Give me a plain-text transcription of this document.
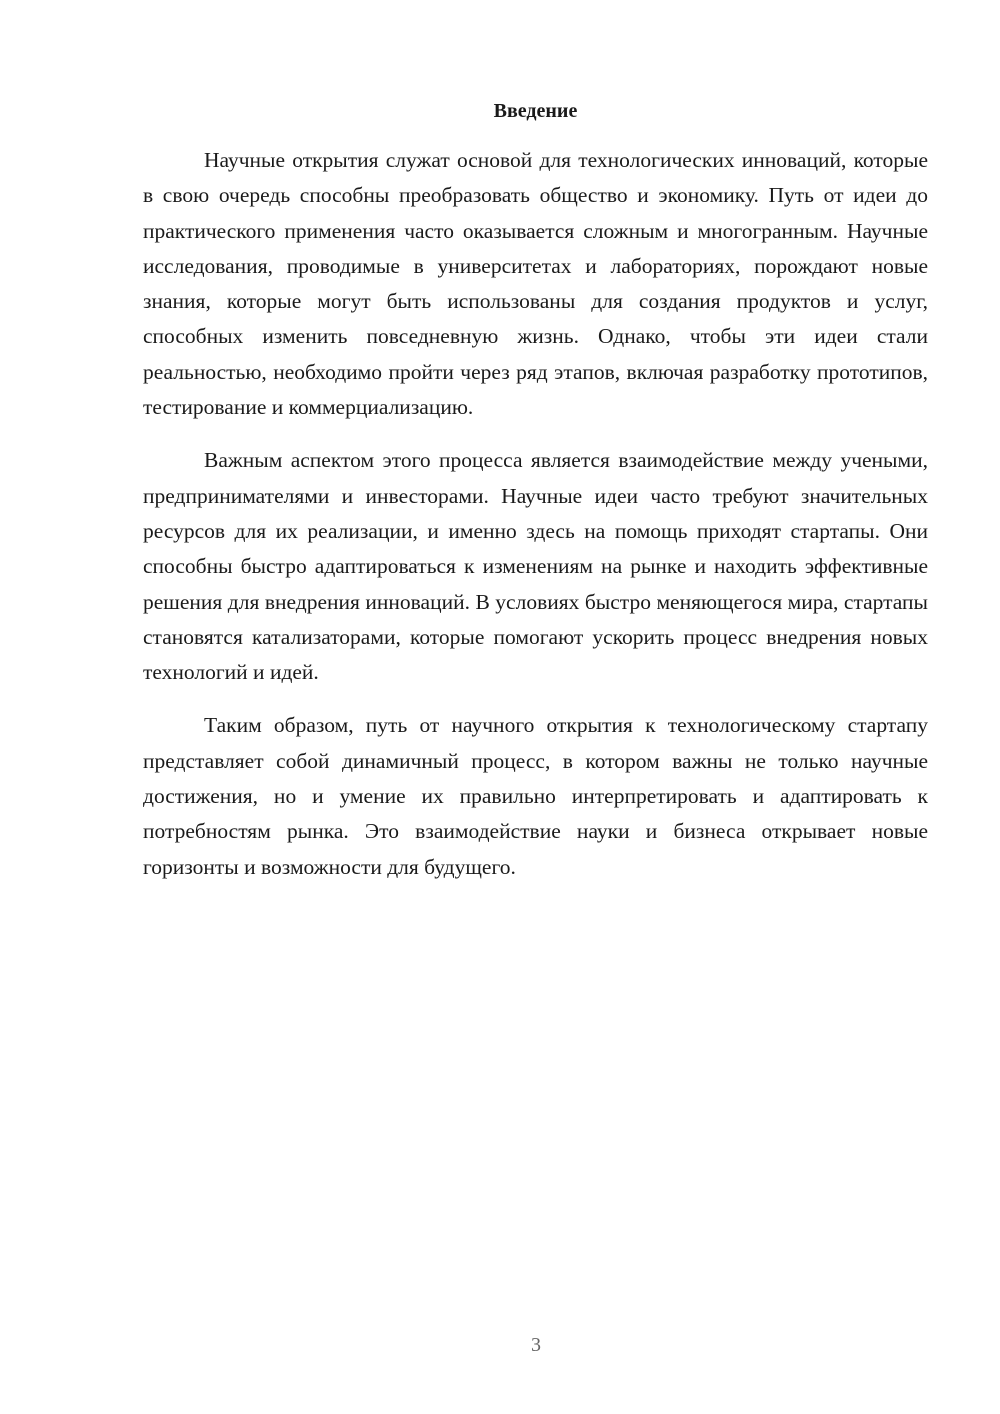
Введение

Научные открытия служат основой для технологических инноваций, которые в свою очередь способны преобразовать общество и экономику. Путь от идеи до практического применения часто оказывается сложным и многогранным. Научные исследования, проводимые в университетах и лабораториях, порождают новые знания, которые могут быть использованы для создания продуктов и услуг, способных изменить повседневную жизнь. Однако, чтобы эти идеи стали реальностью, необходимо пройти через ряд этапов, включая разработку прототипов, тестирование и коммерциализацию.

Важным аспектом этого процесса является взаимодействие между учеными, предпринимателями и инвесторами. Научные идеи часто требуют значительных ресурсов для их реализации, и именно здесь на помощь приходят стартапы. Они способны быстро адаптироваться к изменениям на рынке и находить эффективные решения для внедрения инноваций. В условиях быстро меняющегося мира, стартапы становятся катализаторами, которые помогают ускорить процесс внедрения новых технологий и идей.

Таким образом, путь от научного открытия к технологическому стартапу представляет собой динамичный процесс, в котором важны не только научные достижения, но и умение их правильно интерпретировать и адаптировать к потребностям рынка. Это взаимодействие науки и бизнеса открывает новые горизонты и возможности для будущего.

3
